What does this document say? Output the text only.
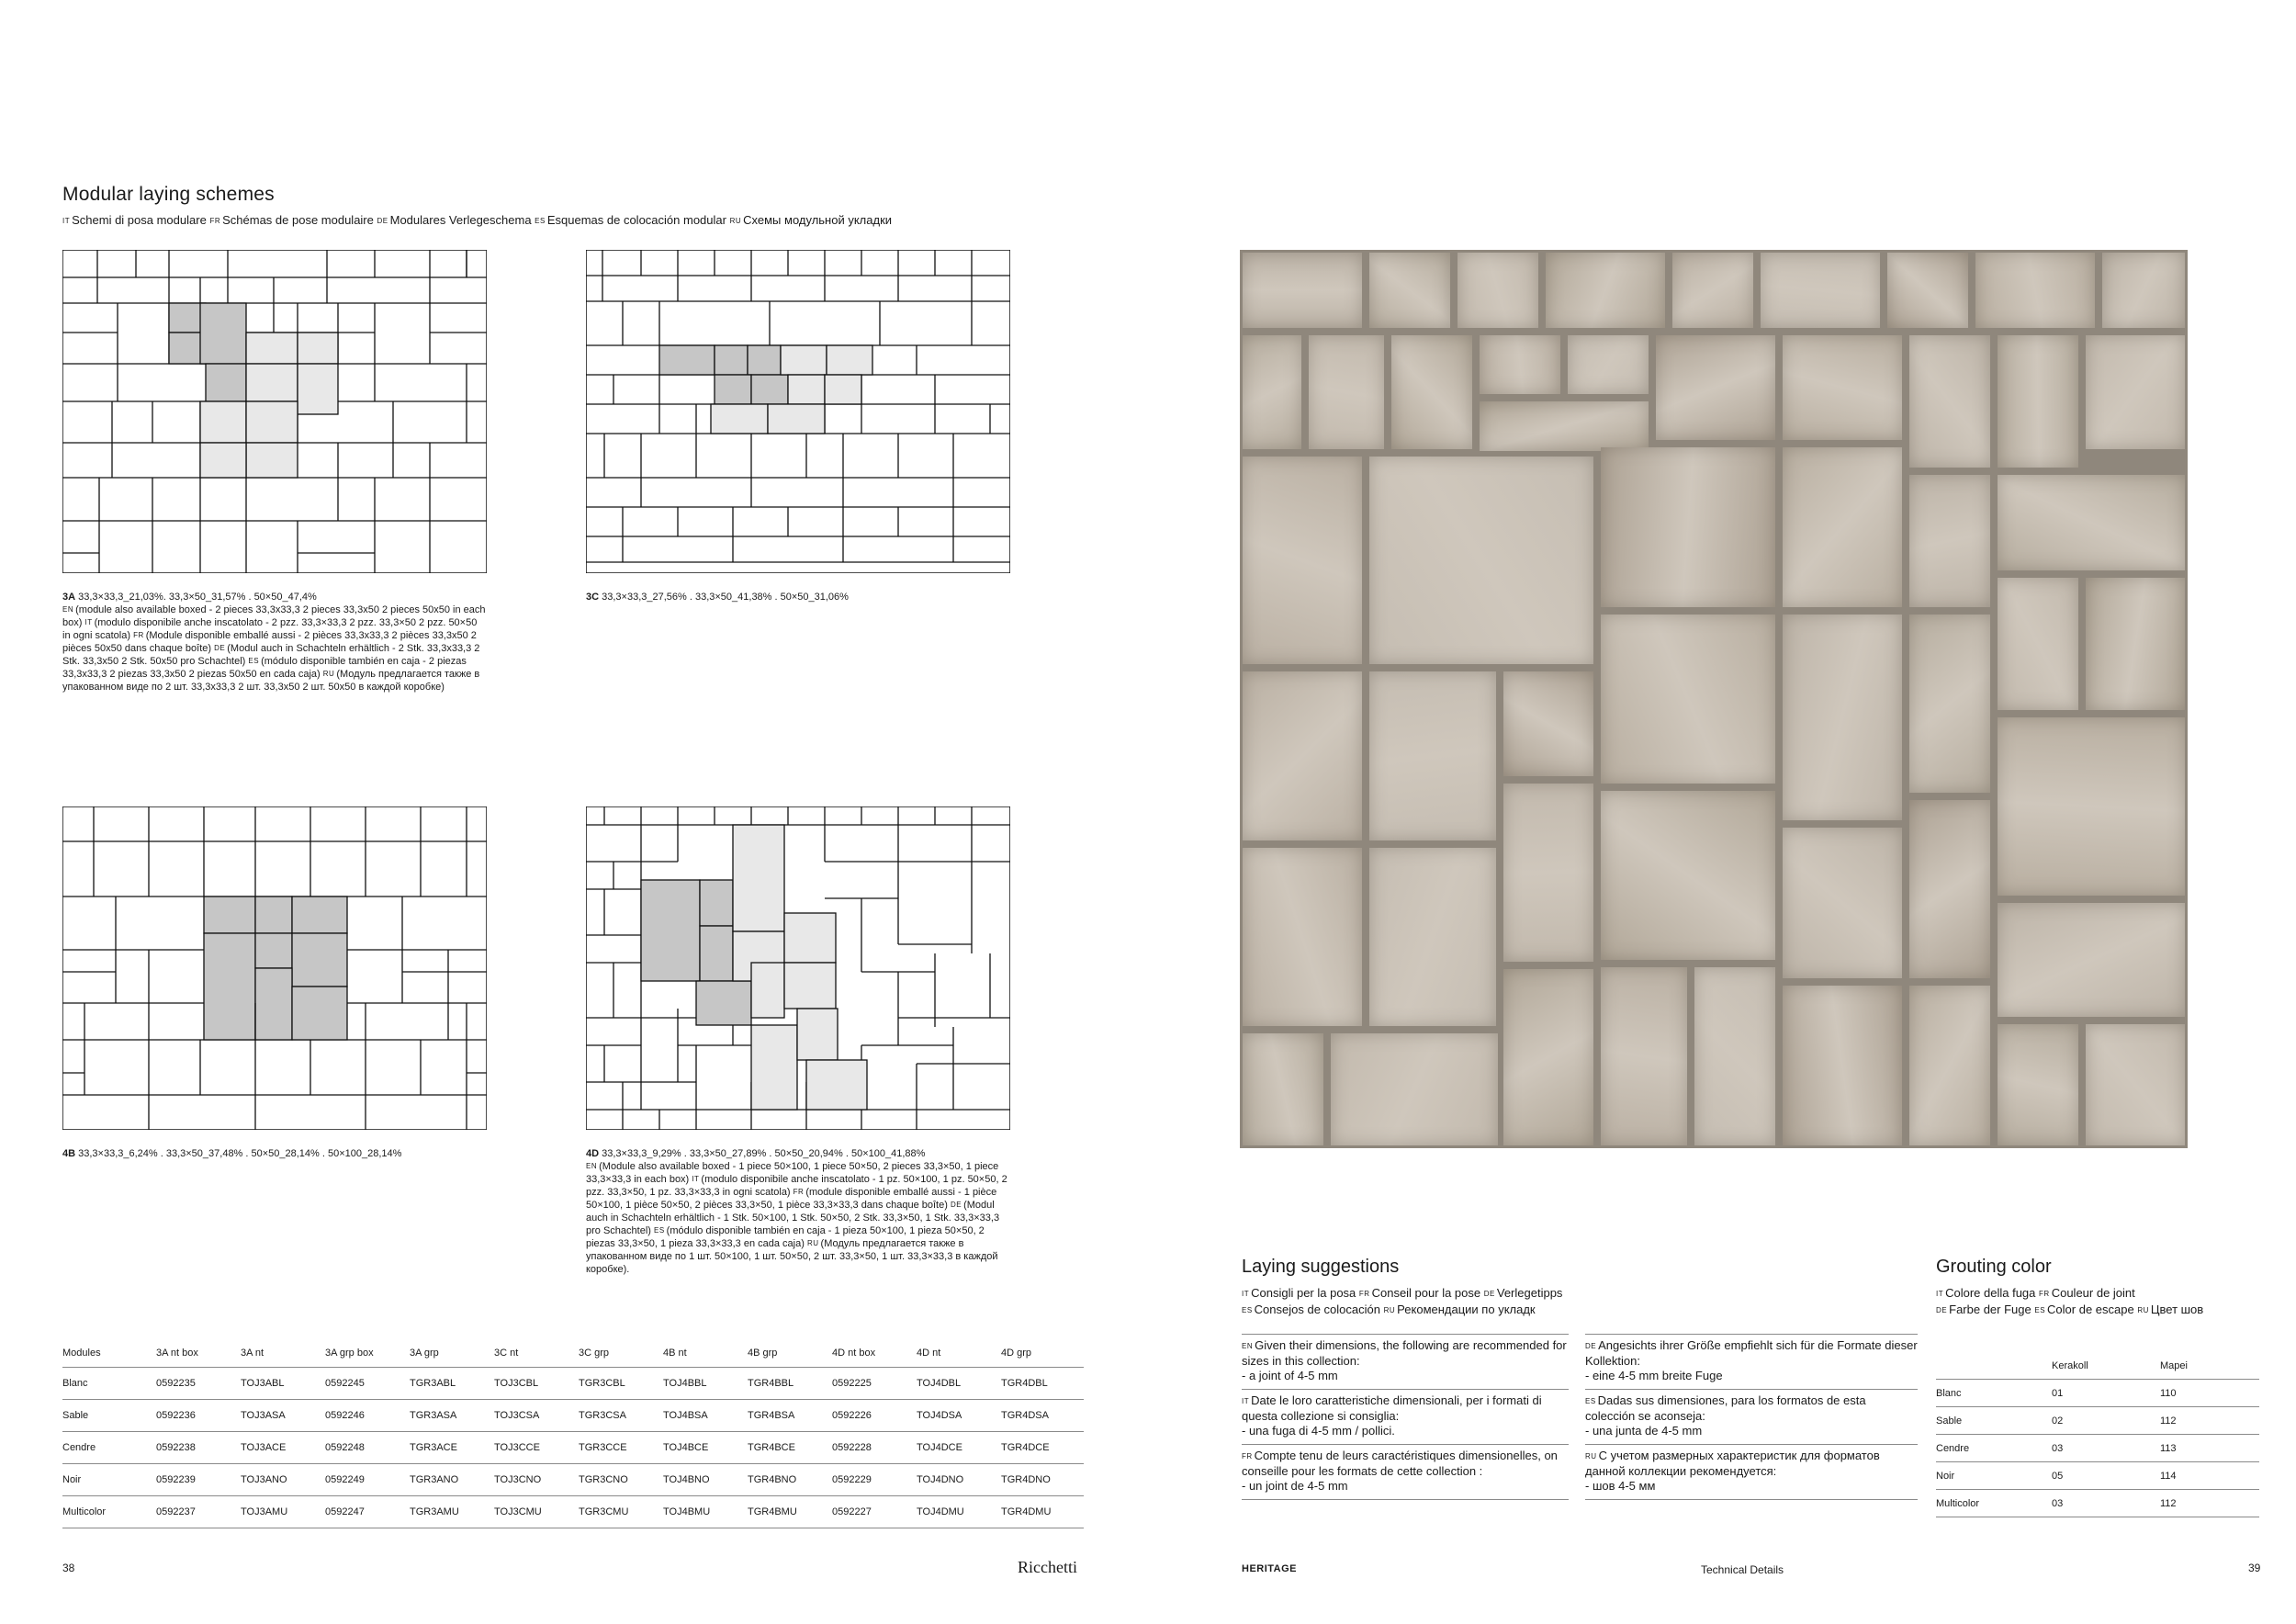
Modular laying schemes
IT Schemi di posa modulare FR Schémas de pose modulaire DE Modulares Verlegeschema ES Esquemas de colocación modular RU Схемы модульной укладки
3A 33,3×33,3_21,03%. 33,3×50_31,57% . 50×50_47,4%
EN (module also available boxed - 2 pieces 33,3x33,3 2 pieces 33,3x50 2 pieces 50x50 in each box) IT (modulo disponibile anche inscatolato - 2 pzz. 33,3×33,3 2 pzz. 33,3×50 2 pzz. 50×50 in ogni scatola) FR (Module disponible emballé aussi - 2 pièces 33,3x33,3 2 pièces 33,3x50 2 pièces 50x50 dans chaque boîte) DE (Modul auch in Schachteln erhältlich - 2 Stk. 33,3x33,3 2 Stk. 33,3x50 2 Stk. 50x50 pro Schachtel) ES (módulo disponible también en caja - 2 piezas 33,3x33,3 2 piezas 33,3x50 2 piezas 50x50 en cada caja) RU (Модуль предлагается также в упакованном виде по 2 шт. 33,3x33,3 2 шт. 33,3x50 2 шт. 50x50 в каждой коробке)
3C 33,3×33,3_27,56% . 33,3×50_41,38% . 50×50_31,06%
4B 33,3×33,3_6,24% . 33,3×50_37,48% . 50×50_28,14% . 50×100_28,14%	4D 33,3×33,3_9,29% . 33,3×50_27,89% . 50×50_20,94% . 50×100_41,88%
EN (Module also available boxed - 1 piece 50×100, 1 piece 50×50, 2 pieces 33,3×50, 1 piece 33,3×33,3 in each box) IT (modulo disponibile anche inscatolato - 1 pz. 50×100, 1 pz. 50×50, 2 pzz. 33,3×50, 1 pz. 33,3×33,3 in ogni scatola) FR (module disponible emballé aussi - 1 pièce 50×100, 1 pièce 50×50, 2 pièces 33,3×50, 1 pièce 33,3×33,3 dans chaque boîte) DE (Modul auch in Schachteln erhältlich - 1 Stk. 50×100, 1 Stk. 50×50, 2 Stk. 33,3×50, 1 Stk. 33,3×33,3 pro Schachtel) ES (módulo disponible también en caja - 1 pieza 50×100, 1 pieza 50×50, 2 piezas 33,3×50, 1 pieza 33,3×33,3 en cada caja) RU (Модуль предлагается также в упакованном виде по 1 шт. 50×100, 1 шт. 50×50, 2 шт. 33,3×50, 1 шт. 33,3×33,3 в каждой коробке).
Modules	3A nt box	3A nt	3A grp box	3A grp	3C nt	3C grp	4B nt	4B grp	4D nt box	4D nt	4D grp
Blanc	0592235	TOJ3ABL	0592245	TGR3ABL	TOJ3CBL	TGR3CBL	TOJ4BBL	TGR4BBL	0592225	TOJ4DBL	TGR4DBL
Sable	0592236	TOJ3ASA	0592246	TGR3ASA	TOJ3CSA	TGR3CSA	TOJ4BSA	TGR4BSA	0592226	TOJ4DSA	TGR4DSA
Cendre	0592238	TOJ3ACE	0592248	TGR3ACE	TOJ3CCE	TGR3CCE	TOJ4BCE	TGR4BCE	0592228	TOJ4DCE	TGR4DCE
Noir	0592239	TOJ3ANO	0592249	TGR3ANO	TOJ3CNO	TGR3CNO	TOJ4BNO	TGR4BNO	0592229	TOJ4DNO	TGR4DNO
Multicolor	0592237	TOJ3AMU	0592247	TGR3AMU	TOJ3CMU	TGR3CMU	TOJ4BMU	TGR4BMU	0592227	TOJ4DMU	TGR4DMU
38	Ricchetti
Laying suggestions
IT Consigli per la posa FR Conseil pour la pose DE Verlegetipps
ES Consejos de colocación RU Рекомендации по укладк
EN Given their dimensions, the following are recommended for sizes in this collection:
- a joint of 4-5 mm
IT Date le loro caratteristiche dimensionali, per i formati di questa collezione si consiglia:
- una fuga di 4-5 mm / pollici.
FR Compte tenu de leurs caractéristiques dimensionelles, on conseille pour les formats de cette collection :
- un joint de 4-5 mm
DE Angesichts ihrer Größe empfiehlt sich für die Formate dieser Kollektion:
- eine 4-5 mm breite Fuge
ES Dadas sus dimensiones, para los formatos de esta colección se aconseja:
- una junta de 4-5 mm
RU С учетом размерных характеристик для форматов данной коллекции рекомендуется:
- шов 4-5 мм
Grouting color
IT Colore della fuga FR Couleur de joint
DE Farbe der Fuge ES Color de escape RU Цвет шов
	Kerakoll	Mapei
Blanc	01	110
Sable	02	112
Cendre	03	113
Noir	05	114
Multicolor	03	112
HERITAGE	Technical Details	39
